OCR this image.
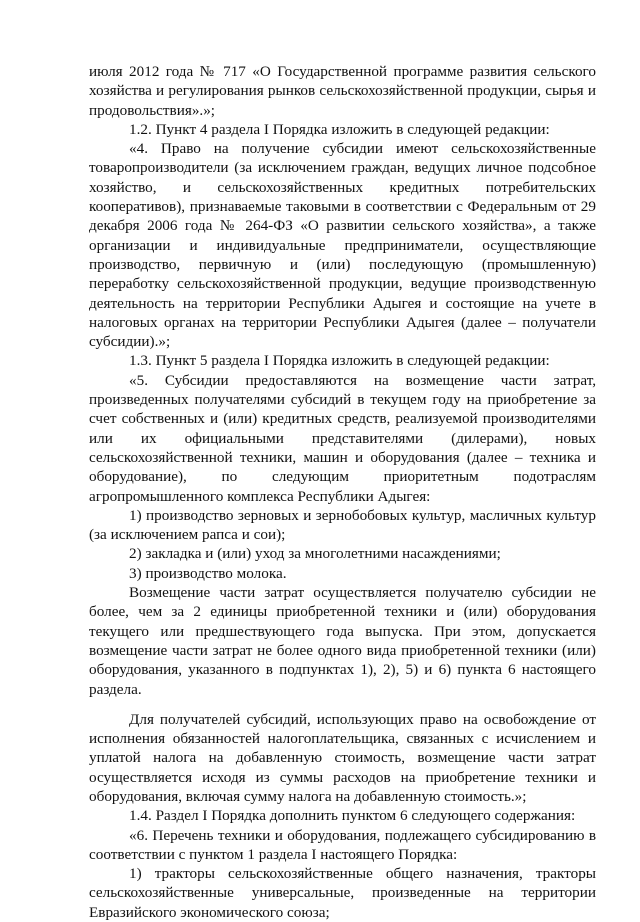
июля 2012 года № 717 «О Государственной программе развития сельского хозяйства и регулирования рынков сельскохозяйственной продукции, сырья и продовольствия».»;

1.2. Пункт 4 раздела I Порядка изложить в следующей редакции:

«4. Право на получение субсидии имеют сельскохозяйственные товаропроизводители (за исключением граждан, ведущих личное подсобное хозяйство, и сельскохозяйственных кредитных потребительских кооперативов), признаваемые таковыми в соответствии с Федеральным от 29 декабря 2006 года № 264-ФЗ «О развитии сельского хозяйства», а также организации и индивидуальные предприниматели, осуществляющие производство, первичную и (или) последующую (промышленную) переработку сельскохозяйственной продукции, ведущие производственную деятельность на территории Республики Адыгея и состоящие на учете в налоговых органах на территории Республики Адыгея (далее – получатели субсидии).»;

1.3. Пункт 5 раздела I Порядка изложить в следующей редакции:

«5. Субсидии предоставляются на возмещение части затрат, произведенных получателями субсидий в текущем году на приобретение за счет собственных и (или) кредитных средств, реализуемой производителями или их официальными представителями (дилерами), новых сельскохозяйственной техники, машин и оборудования (далее – техника и оборудование), по следующим приоритетным подотраслям агропромышленного комплекса Республики Адыгея:

1) производство зерновых и зернобобовых культур, масличных культур (за исключением рапса и сои);

2) закладка и (или) уход за многолетними насаждениями;

3) производство молока.

Возмещение части затрат осуществляется получателю субсидии не более, чем за 2 единицы приобретенной техники и (или) оборудования текущего или предшествующего года выпуска. При этом, допускается возмещение части затрат не более одного вида приобретенной техники (или) оборудования, указанного в подпунктах 1), 2), 5) и 6) пункта 6 настоящего раздела.

Для получателей субсидий, использующих право на освобождение от исполнения обязанностей налогоплательщика, связанных с исчислением и уплатой налога на добавленную стоимость, возмещение части затрат осуществляется исходя из суммы расходов на приобретение техники и оборудования, включая сумму налога на добавленную стоимость.»;

1.4. Раздел I Порядка дополнить пунктом 6 следующего содержания:

«6. Перечень техники и оборудования, подлежащего субсидированию в соответствии с пунктом 1 раздела I настоящего Порядка:

1) тракторы сельскохозяйственные общего назначения, тракторы сельскохозяйственные универсальные, произведенные на территории Евразийского экономического союза;
